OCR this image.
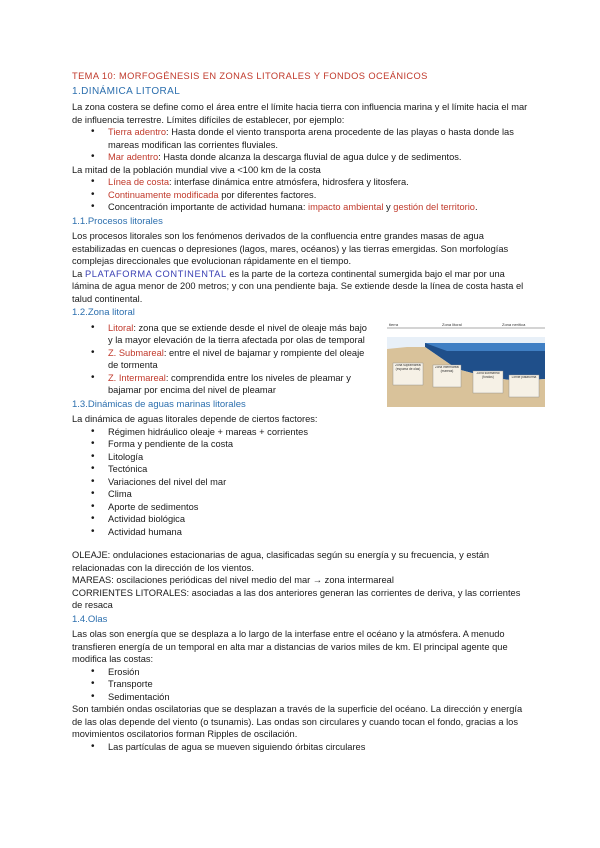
TEMA 10: MORFOGÉNESIS EN ZONAS LITORALES Y FONDOS OCEÁNICOS

1.DINÁMICA LITORAL

La zona costera se define como el área entre el límite hacia tierra con influencia marina y el límite hacia el mar de influencia terrestre. Límites difíciles de establecer, por ejemplo:

• Tierra adentro: Hasta donde el viento transporta arena procedente de las playas o hasta donde las mareas modifican las corrientes fluviales.
• Mar adentro: Hasta donde alcanza la descarga fluvial de agua dulce y de sedimentos.

La mitad de la población mundial vive a <100 km de la costa

• Línea de costa: interfase dinámica entre atmósfera, hidrosfera y litosfera.
• Continuamente modificada por diferentes factores.
• Concentración importante de actividad humana: impacto ambiental y gestión del territorio.

1.1.Procesos litorales

Los procesos litorales son los fenómenos derivados de la confluencia entre grandes masas de agua estabilizadas en cuencas o depresiones (lagos, mares, océanos) y las tierras emergidas. Son morfologías complejas direccionales que evolucionan rápidamente en el tiempo.

La PLATAFORMA CONTINENTAL es la parte de la corteza continental sumergida bajo el mar por una lámina de agua menor de 200 metros; y con una pendiente baja. Se extiende desde la línea de costa hasta el talud continental.

1.2.Zona litoral

• Litoral: zona que se extiende desde el nivel de oleaje más bajo y la mayor elevación de la tierra afectada por olas de temporal
• Z. Submareal: entre el nivel de bajamar y rompiente del oleaje de tormenta
• Z. Intermareal: comprendida entre los niveles de pleamar y bajamar por encima del nivel de pleamar
tierra	Zona litoral	Zona nerítica
Zona supramareal (espuma de olas)	Zona intermareal (mareas)
Zona submareal (fondos)	Límite plataforma

1.3.Dinámicas de aguas marinas litorales

La dinámica de aguas litorales depende de ciertos factores:

• Régimen hidráulico oleaje + mareas + corrientes
• Forma y pendiente de la costa
• Litología
• Tectónica
• Variaciones del nivel del mar
• Clima
• Aporte de sedimentos
• Actividad biológica
• Actividad humana

OLEAJE: ondulaciones estacionarias de agua, clasificadas según su energía y su frecuencia, y están relacionadas con la dirección de los vientos.

MAREAS: oscilaciones periódicas del nivel medio del mar → zona intermareal

CORRIENTES LITORALES: asociadas a las dos anteriores generan las corrientes de deriva, y las corrientes de resaca

1.4.Olas

Las olas son energía que se desplaza a lo largo de la interfase entre el océano y la atmósfera. A menudo transfieren energía de un temporal en alta mar a distancias de varios miles de km. El principal agente que modifica las costas:

• Erosión
• Transporte
• Sedimentación

Son también ondas oscilatorias que se desplazan a través de la superficie del océano. La dirección y energía de las olas depende del viento (o tsunamis). Las ondas son circulares y cuando tocan el fondo, gracias a los movimientos oscilatorios forman Ripples de oscilación.

• Las partículas de agua se mueven siguiendo órbitas circulares
